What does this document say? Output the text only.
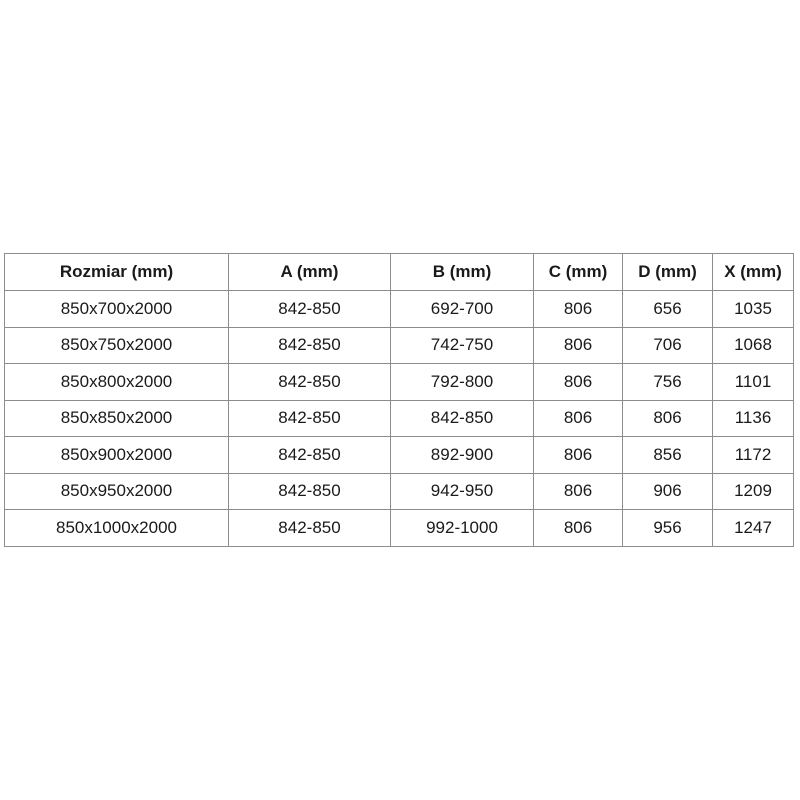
Rozmiar (mm)	A (mm)	B (mm)	C (mm)	D (mm)	X (mm)
850x700x2000	842-850	692-700	806	656	1035
850x750x2000	842-850	742-750	806	706	1068
850x800x2000	842-850	792-800	806	756	1101
850x850x2000	842-850	842-850	806	806	1136
850x900x2000	842-850	892-900	806	856	1172
850x950x2000	842-850	942-950	806	906	1209
850x1000x2000	842-850	992-1000	806	956	1247
